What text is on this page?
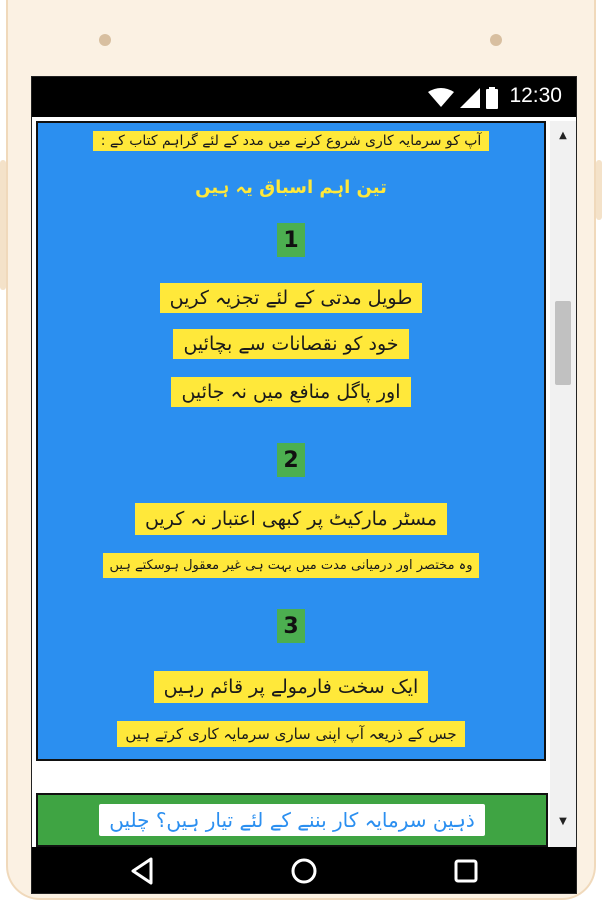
12:30
آپ کو سرمایہ کاری شروع کرنے میں مدد کے لئے گراہم کتاب کے :
تین اہم اسباق یہ ہیں
1
طویل مدتی کے لئے تجزیہ کریں
خود کو نقصانات سے بچائیں
اور پاگل منافع میں نہ جائیں
2
مسٹر مارکیٹ پر کبھی اعتبار نہ کریں
وہ مختصر اور درمیانی مدت میں بہت ہی غیر معقول ہوسکتے ہیں
3
ایک سخت فارمولے پر قائم رہیں
جس کے ذریعہ آپ اپنی ساری سرمایہ کاری کرتے ہیں
▲
▼
ذہین سرمایہ کار بننے کے لئے تیار ہیں؟ چلیں
